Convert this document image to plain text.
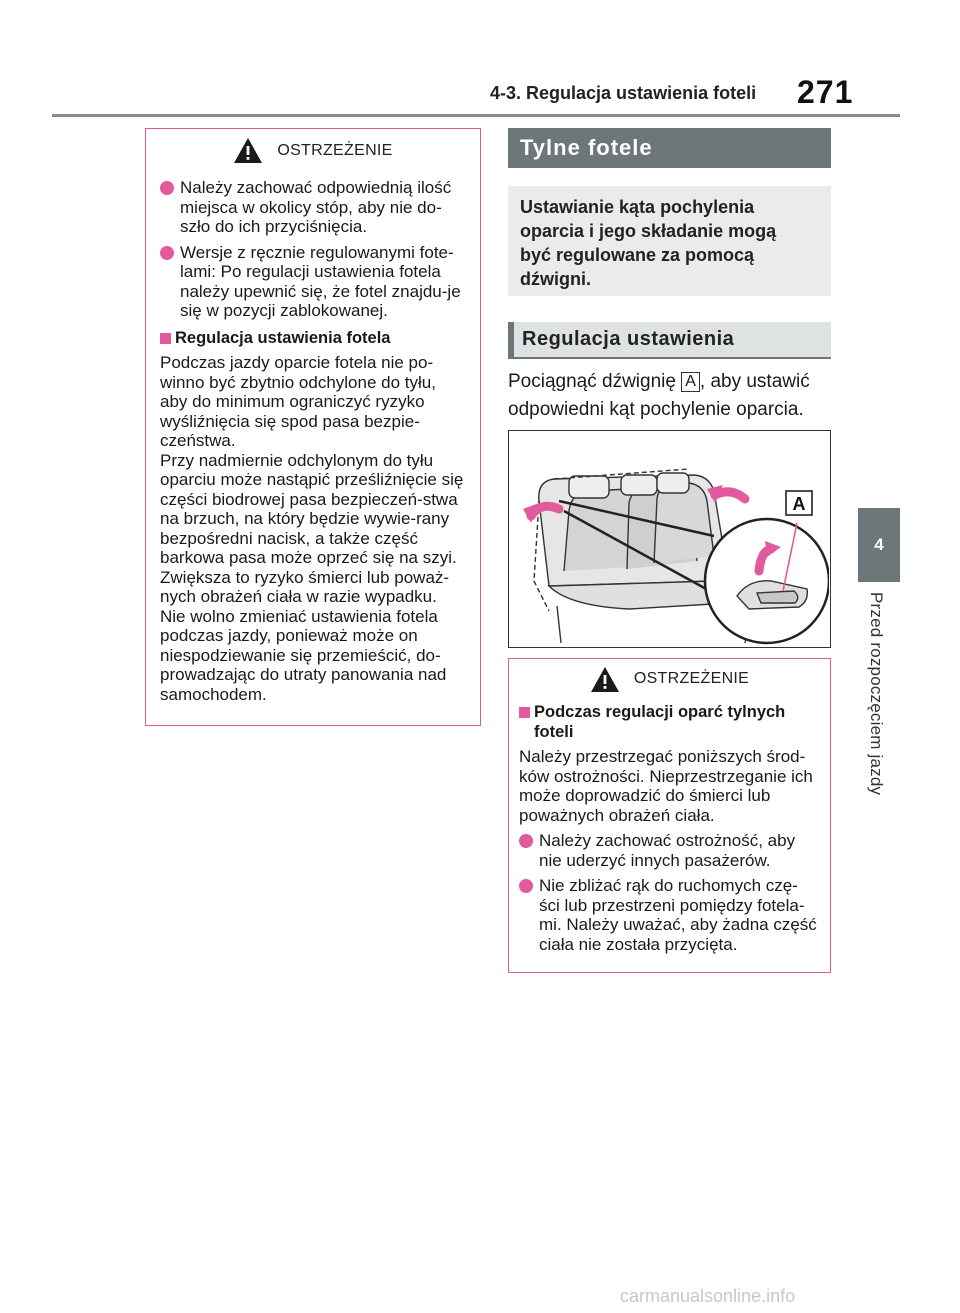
4-3. Regulacja ustawienia foteli 271
4
Przed rozpoczęciem jazdy
OSTRZEŻENIE
Należy zachować odpowiednią ilość miejsca w okolicy stóp, aby nie do-szło do ich przyciśnięcia.
Wersje z ręcznie regulowanymi fote-lami: Po regulacji ustawienia fotela należy upewnić się, że fotel znajdu-je się w pozycji zablokowanej.
Regulacja ustawienia fotela
Podczas jazdy oparcie fotela nie po-winno być zbytnio odchylone do tyłu, aby do minimum ograniczyć ryzyko wyśliźnięcia się spod pasa bezpie-czeństwa.
Przy nadmiernie odchylonym do tyłu oparciu może nastąpić prześliźnięcie się części biodrowej pasa bezpieczeń-stwa na brzuch, na który będzie wywie-rany bezpośredni nacisk, a także część barkowa pasa może oprzeć się na szyi. Zwiększa to ryzyko śmierci lub poważ-nych obrażeń ciała w razie wypadku. Nie wolno zmieniać ustawienia fotela podczas jazdy, ponieważ może on niespodziewanie się przemieścić, do-prowadzając do utraty panowania nad samochodem.
Tylne fotele
Ustawianie kąta pochylenia
oparcia i jego składanie mogą
być regulowane za pomocą
dźwigni.
Regulacja ustawienia
Pociągnąć dźwignię A , aby ustawić odpowiedni kąt pochylenie oparcia.
A
OSTRZEŻENIE
Podczas regulacji oparć tylnych foteli
Należy przestrzegać poniższych środ-ków ostrożności. Nieprzestrzeganie ich może doprowadzić do śmierci lub poważnych obrażeń ciała.
Należy zachować ostrożność, aby nie uderzyć innych pasażerów.
Nie zbliżać rąk do ruchomych czę-ści lub przestrzeni pomiędzy fotela-mi. Należy uważać, aby żadna część ciała nie została przycięta.
carmanualsonline.info
